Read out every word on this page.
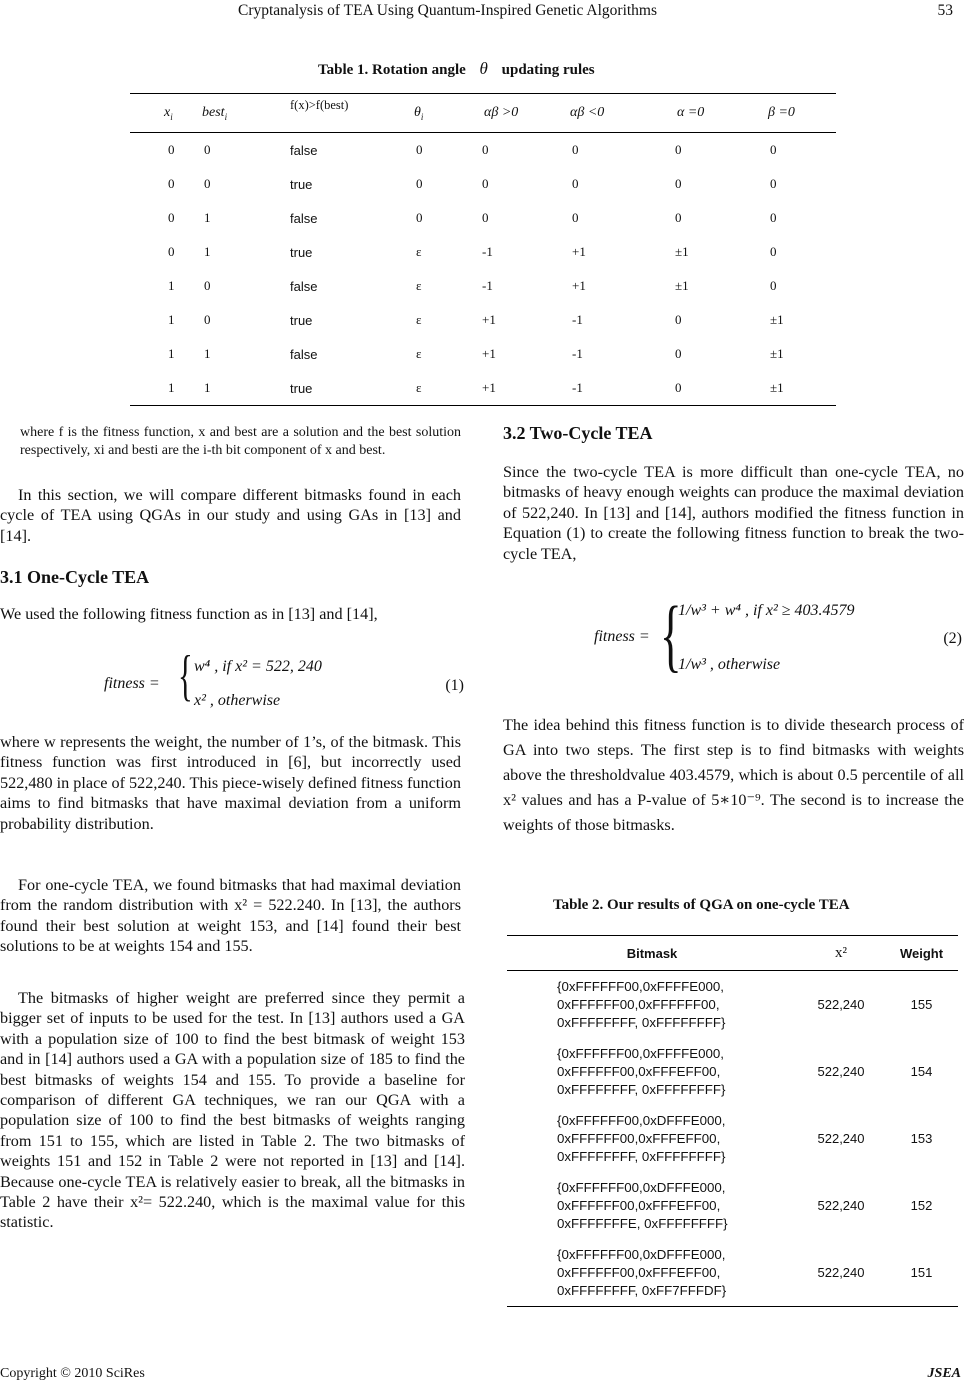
Cryptanalysis of TEA Using Quantum-Inspired Genetic Algorithms	53
Table 1. Rotation angle θ updating rules
$x_i$	best$_i$	f(x)>f(best)	$\theta_i$	αβ >0	αβ <0	α =0	β =0
0	0	false	0	0	0	0	0
0	0	true	0	0	0	0	0
0	1	false	0	0	0	0	0
0	1	true	ε	-1	+1	±1	0
1	0	false	ε	-1	+1	±1	0
1	0	true	ε	+1	-1	0	±1
1	1	false	ε	+1	-1	0	±1
1	1	true	ε	+1	-1	0	±1
where f is the fitness function, x and best are a solution and the best solution respectively, xi and besti are the i-th bit component of x and best.
In this section, we will compare different bitmasks found in each cycle of TEA using QGAs in our study and using GAs in [13] and [14].
3.1 One-Cycle TEA
We used the following fitness function as in [13] and [14],
fitness = { w⁴ , if x² = 522, 240
x² , otherwise
(1)
where w represents the weight, the number of 1’s, of the bitmask. This fitness function was first introduced in [6], but incorrectly used 522,480 in place of 522,240. This piece-wisely defined fitness function aims to find bitmasks that have maximal deviation from a uniform probability distribution.
For one-cycle TEA, we found bitmasks that had maximal deviation from the random distribution with x² = 522.240. In [13], the authors found their best solution at weight 153, and [14] found their best solutions to be at weights 154 and 155.
The bitmasks of higher weight are preferred since they permit a bigger set of inputs to be used for the test. In [13] authors used a GA with a population size of 100 to find the best bitmask of weight 153 and in [14] authors used a GA with a population size of 185 to find the best bitmasks of weights 154 and 155. To provide a baseline for comparison of different GA techniques, we ran our QGA with a population size of 100 to find the best bitmasks of weights ranging from 151 to 155, which are listed in Table 2. The two bitmasks of weights 151 and 152 in Table 2 were not reported in [13] and [14]. Because one-cycle TEA is relatively easier to break, all the bitmasks in Table 2 have their x²= 522.240, which is the maximal value for this statistic.
3.2 Two-Cycle TEA
Since the two-cycle TEA is more difficult than one-cycle TEA, no bitmasks of heavy enough weights can produce the maximal deviation of 522,240. In [13] and [14], authors modified the fitness function in Equation (1) to create the following fitness function to break the two-cycle TEA,
fitness = {
1/w³ + w⁴ , if x² ≥ 403.4579
1/w³ , otherwise
(2)
The idea behind this fitness function is to divide thesearch process of GA into two steps. The first step is to find bitmasks with weights above the thresholdvalue 403.4579, which is about 0.5 percentile of all x² values and has a P-value of 5∗10⁻⁹. The second is to increase the weights of those bitmasks.
Table 2. Our results of QGA on one-cycle TEA
Bitmask	x²	Weight

{0xFFFFFF00,0xFFFFE000,
0xFFFFFF00,0xFFFFFF00,
0xFFFFFFFF, 0xFFFFFFFF}	522,240	155

{0xFFFFFF00,0xFFFFE000,
0xFFFFFF00,0xFFFEFF00,
0xFFFFFFFF, 0xFFFFFFFF}	522,240	154

{0xFFFFFF00,0xDFFFE000,
0xFFFFFF00,0xFFFEFF00,
0xFFFFFFFF, 0xFFFFFFFF}	522,240	153

{0xFFFFFF00,0xDFFFE000,
0xFFFFFF00,0xFFFEFF00,
0xFFFFFFFE, 0xFFFFFFFF}	522,240	152

{0xFFFFFF00,0xDFFFE000,
0xFFFFFF00,0xFFFEFF00,
0xFFFFFFFF, 0xFF7FFFDF}	522,240	151
Copyright © 2010 SciRes	JSEA
